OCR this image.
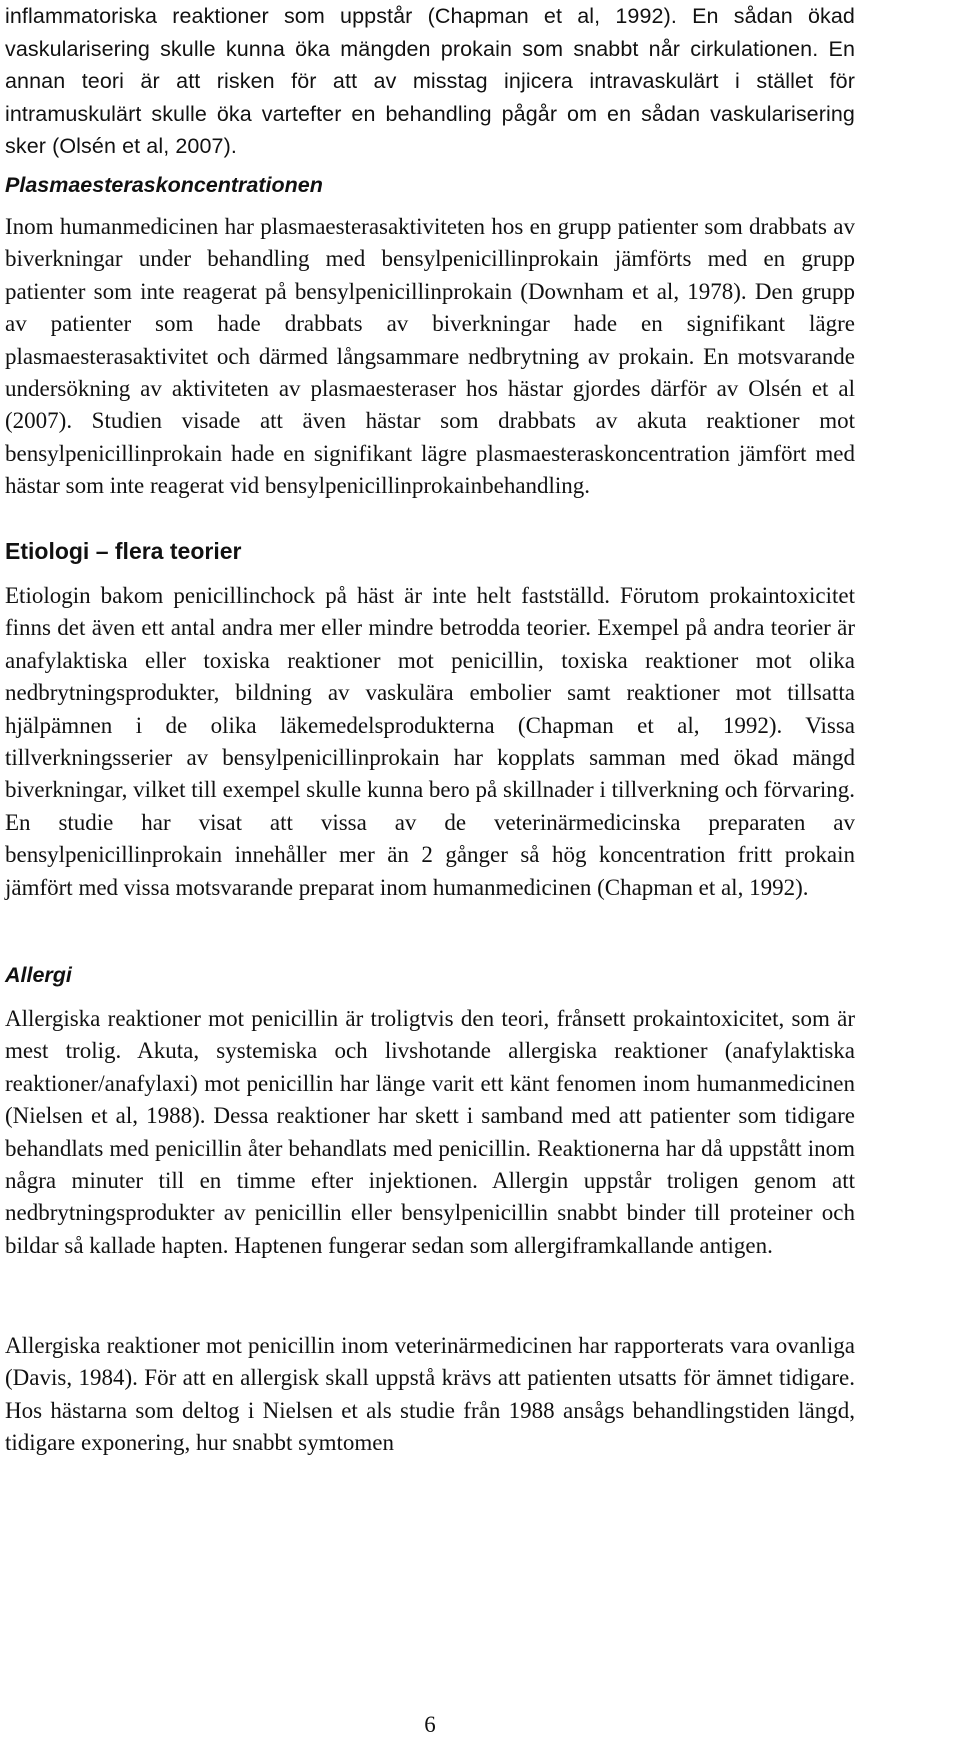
inflammatoriska reaktioner som uppstår (Chapman et al, 1992). En sådan ökad vaskularisering skulle kunna öka mängden prokain som snabbt når cirkulationen. En annan teori är att risken för att av misstag injicera intravaskulärt i stället för intramuskulärt skulle öka vartefter en behandling pågår om en sådan vaskularisering sker (Olsén et al, 2007).

Plasmaesteraskoncentrationen

Inom humanmedicinen har plasmaesterasaktiviteten hos en grupp patienter som drabbats av biverkningar under behandling med bensylpenicillinprokain jämförts med en grupp patienter som inte reagerat på bensylpenicillinprokain (Downham et al, 1978). Den grupp av patienter som hade drabbats av biverkningar hade en signifikant lägre plasmaesterasaktivitet och därmed långsammare nedbrytning av prokain. En motsvarande undersökning av aktiviteten av plasmaesteraser hos hästar gjordes därför av Olsén et al (2007). Studien visade att även hästar som drabbats av akuta reaktioner mot bensylpenicillinprokain hade en signifikant lägre plasmaesteraskoncentration jämfört med hästar som inte reagerat vid bensylpenicillinprokainbehandling.

Etiologi – flera teorier

Etiologin bakom penicillinchock på häst är inte helt fastställd. Förutom prokaintoxicitet finns det även ett antal andra mer eller mindre betrodda teorier. Exempel på andra teorier är anafylaktiska eller toxiska reaktioner mot penicillin, toxiska reaktioner mot olika nedbrytningsprodukter, bildning av vaskulära embolier samt reaktioner mot tillsatta hjälpämnen i de olika läkemedelsprodukterna (Chapman et al, 1992). Vissa tillverkningsserier av bensylpenicillinprokain har kopplats samman med ökad mängd biverkningar, vilket till exempel skulle kunna bero på skillnader i tillverkning och förvaring. En studie har visat att vissa av de veterinärmedicinska preparaten av bensylpenicillinprokain innehåller mer än 2 gånger så hög koncentration fritt prokain jämfört med vissa motsvarande preparat inom humanmedicinen (Chapman et al, 1992).

Allergi

Allergiska reaktioner mot penicillin är troligtvis den teori, frånsett prokaintoxicitet, som är mest trolig. Akuta, systemiska och livshotande allergiska reaktioner (anafylaktiska reaktioner/anafylaxi) mot penicillin har länge varit ett känt fenomen inom humanmedicinen (Nielsen et al, 1988). Dessa reaktioner har skett i samband med att patienter som tidigare behandlats med penicillin åter behandlats med penicillin. Reaktionerna har då uppstått inom några minuter till en timme efter injektionen. Allergin uppstår troligen genom att nedbrytningsprodukter av penicillin eller bensylpenicillin snabbt binder till proteiner och bildar så kallade hapten. Haptenen fungerar sedan som allergiframkallande antigen.

Allergiska reaktioner mot penicillin inom veterinärmedicinen har rapporterats vara ovanliga (Davis, 1984). För att en allergisk skall uppstå krävs att patienten utsatts för ämnet tidigare. Hos hästarna som deltog i Nielsen et als studie från 1988 ansågs behandlingstiden längd, tidigare exponering, hur snabbt symtomen

6
